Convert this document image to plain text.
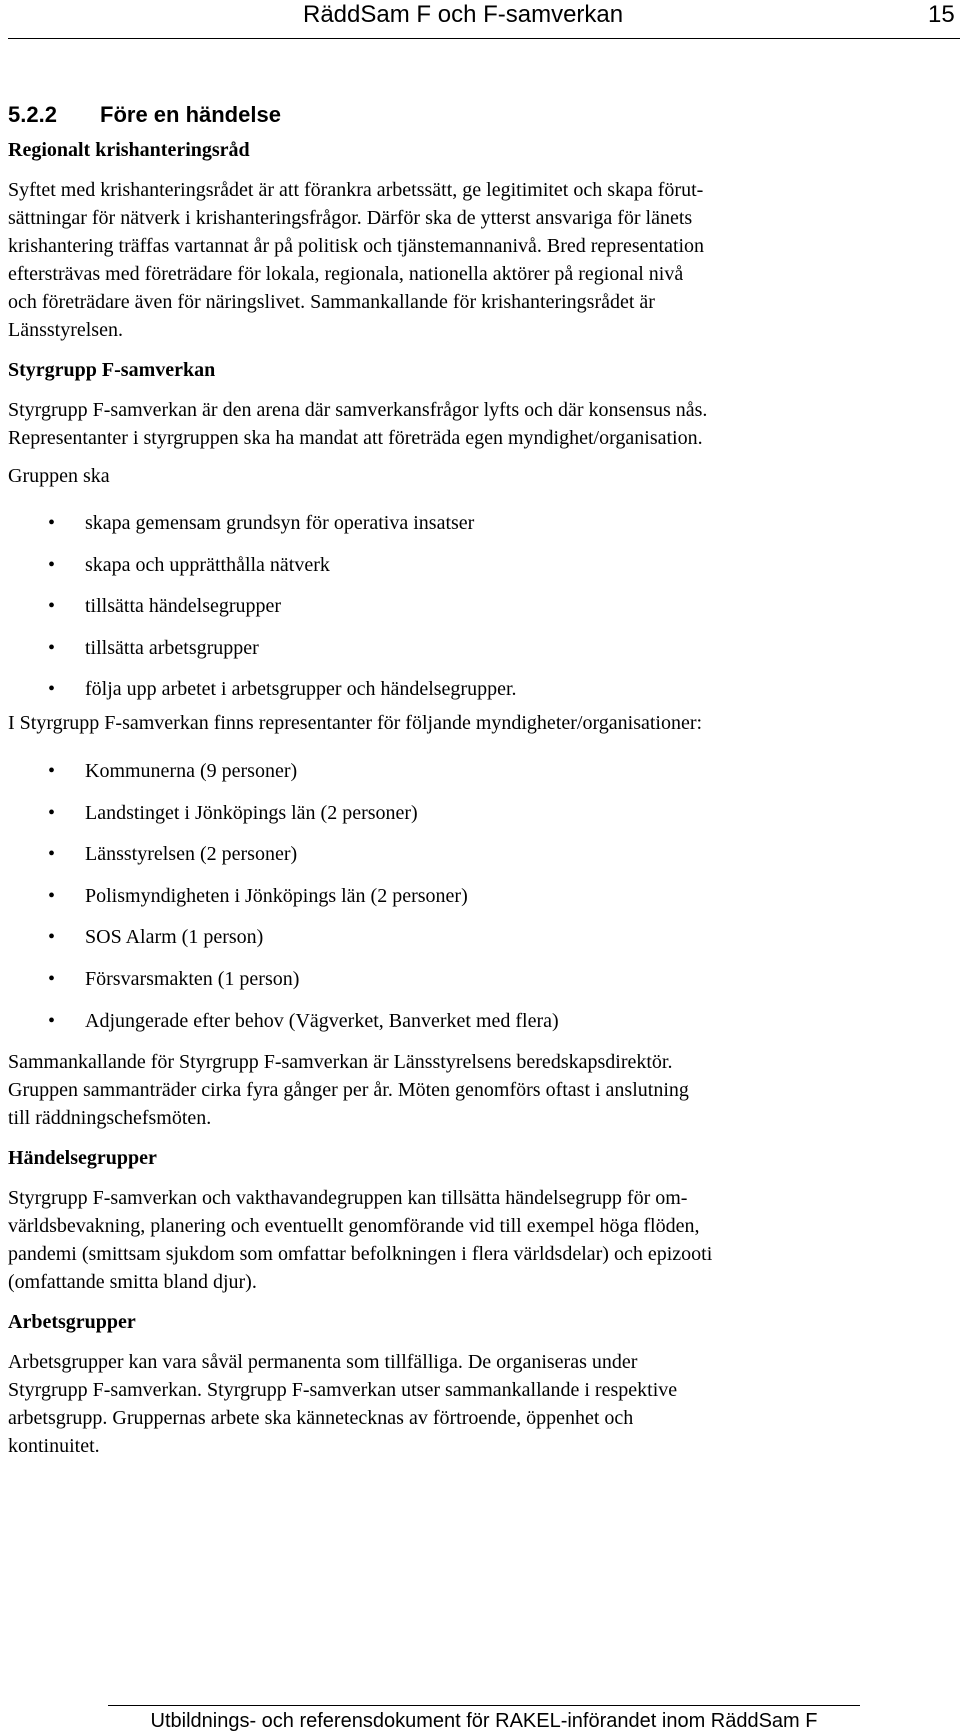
RäddSam F och F-samverkan	15
5.2.2 Före en händelse
Regionalt krishanteringsråd

Syftet med krishanteringsrådet är att förankra arbetssätt, ge legitimitet och skapa förut-

sättningar för nätverk i krishanteringsfrågor. Därför ska de ytterst ansvariga för länets

krishantering träffas vartannat år på politisk och tjänstemannanivå. Bred representation

eftersträvas med företrädare för lokala, regionala, nationella aktörer på regional nivå

och företrädare även för näringslivet. Sammankallande för krishanteringsrådet är

Länsstyrelsen.

Styrgrupp F-samverkan

Styrgrupp F-samverkan är den arena där samverkansfrågor lyfts och där konsensus nås.

Representanter i styrgruppen ska ha mandat att företräda egen myndighet/organisation.

Gruppen ska

• skapa gemensam grundsyn för operativa insatser
• skapa och upprätthålla nätverk
• tillsätta händelsegrupper
• tillsätta arbetsgrupper
• följa upp arbetet i arbetsgrupper och händelsegrupper.

I Styrgrupp F-samverkan finns representanter för följande myndigheter/organisationer:

• Kommunerna (9 personer)
• Landstinget i Jönköpings län (2 personer)
• Länsstyrelsen (2 personer)
• Polismyndigheten i Jönköpings län (2 personer)
• SOS Alarm (1 person)
• Försvarsmakten (1 person)
• Adjungerade efter behov (Vägverket, Banverket med flera)

Sammankallande för Styrgrupp F-samverkan är Länsstyrelsens beredskapsdirektör.

Gruppen sammanträder cirka fyra gånger per år. Möten genomförs oftast i anslutning

till räddningschefsmöten.

Händelsegrupper

Styrgrupp F-samverkan och vakthavandegruppen kan tillsätta händelsegrupp för om-

världsbevakning, planering och eventuellt genomförande vid till exempel höga flöden,

pandemi (smittsam sjukdom som omfattar befolkningen i flera världsdelar) och epizooti

(omfattande smitta bland djur).

Arbetsgrupper

Arbetsgrupper kan vara såväl permanenta som tillfälliga. De organiseras under

Styrgrupp F-samverkan. Styrgrupp F-samverkan utser sammankallande i respektive

arbetsgrupp. Gruppernas arbete ska kännetecknas av förtroende, öppenhet och

kontinuitet.

Utbildnings- och referensdokument för RAKEL-införandet inom RäddSam F
